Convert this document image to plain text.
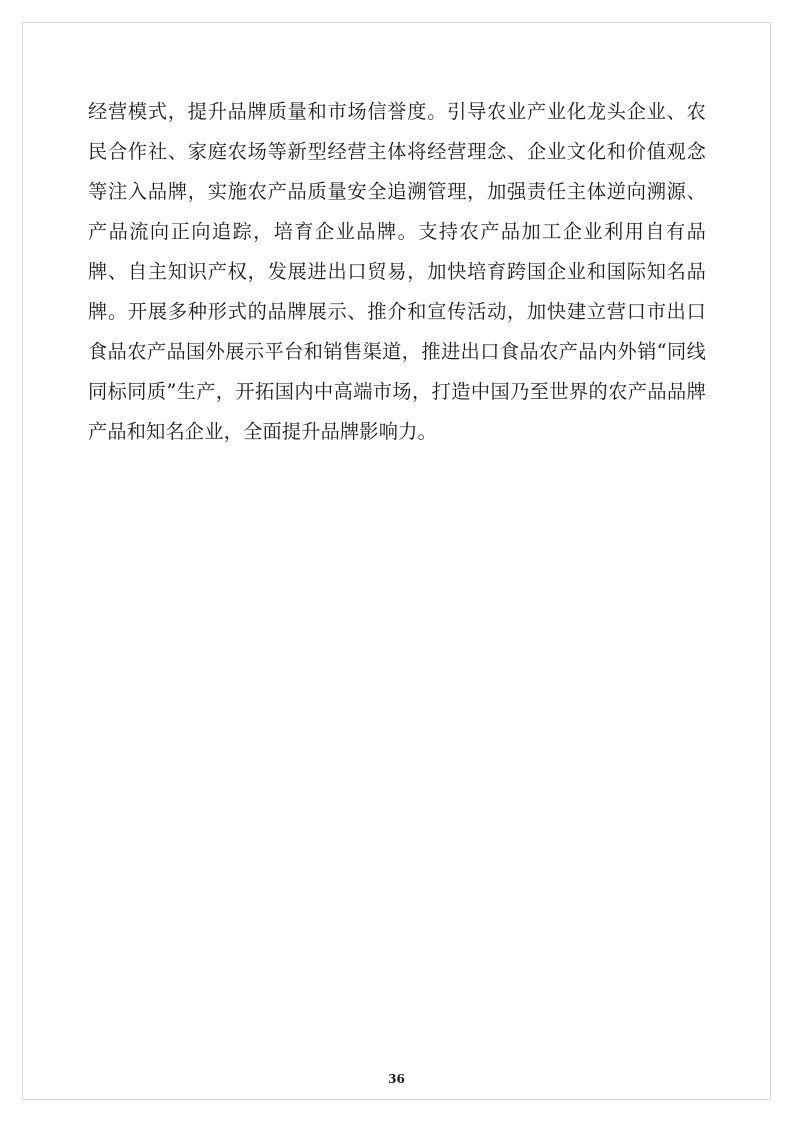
经营模式，提升品牌质量和市场信誉度。引导农业产业化龙头企业、农民合作社、家庭农场等新型经营主体将经营理念、企业文化和价值观念等注入品牌，实施农产品质量安全追溯管理，加强责任主体逆向溯源、产品流向正向追踪，培育企业品牌。支持农产品加工企业利用自有品牌、自主知识产权，发展进出口贸易，加快培育跨国企业和国际知名品牌。开展多种形式的品牌展示、推介和宣传活动，加快建立营口市出口食品农产品国外展示平台和销售渠道，推进出口食品农产品内外销“同线同标同质”生产，开拓国内中高端市场，打造中国乃至世界的农产品品牌产品和知名企业，全面提升品牌影响力。

36
